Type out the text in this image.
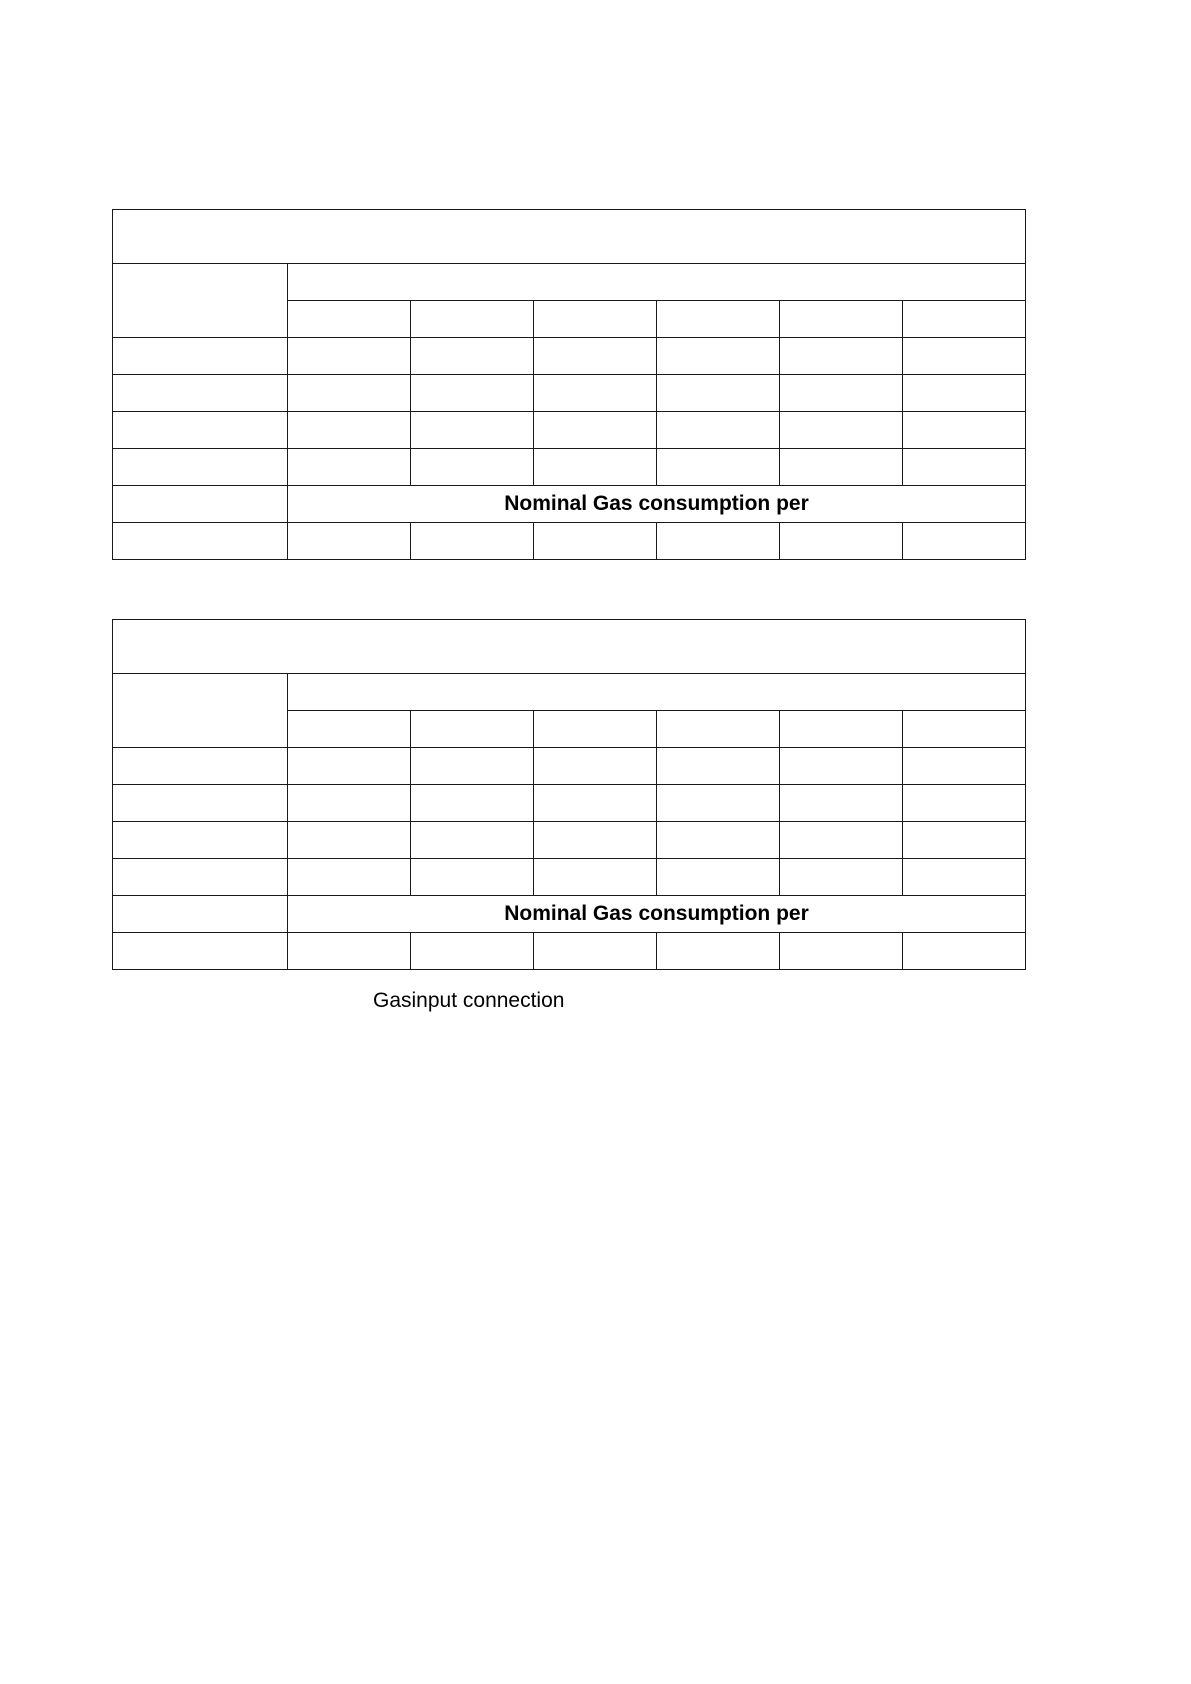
	Nominal Gas consumption per					

	Nominal Gas consumption per					

Gasinput connection
